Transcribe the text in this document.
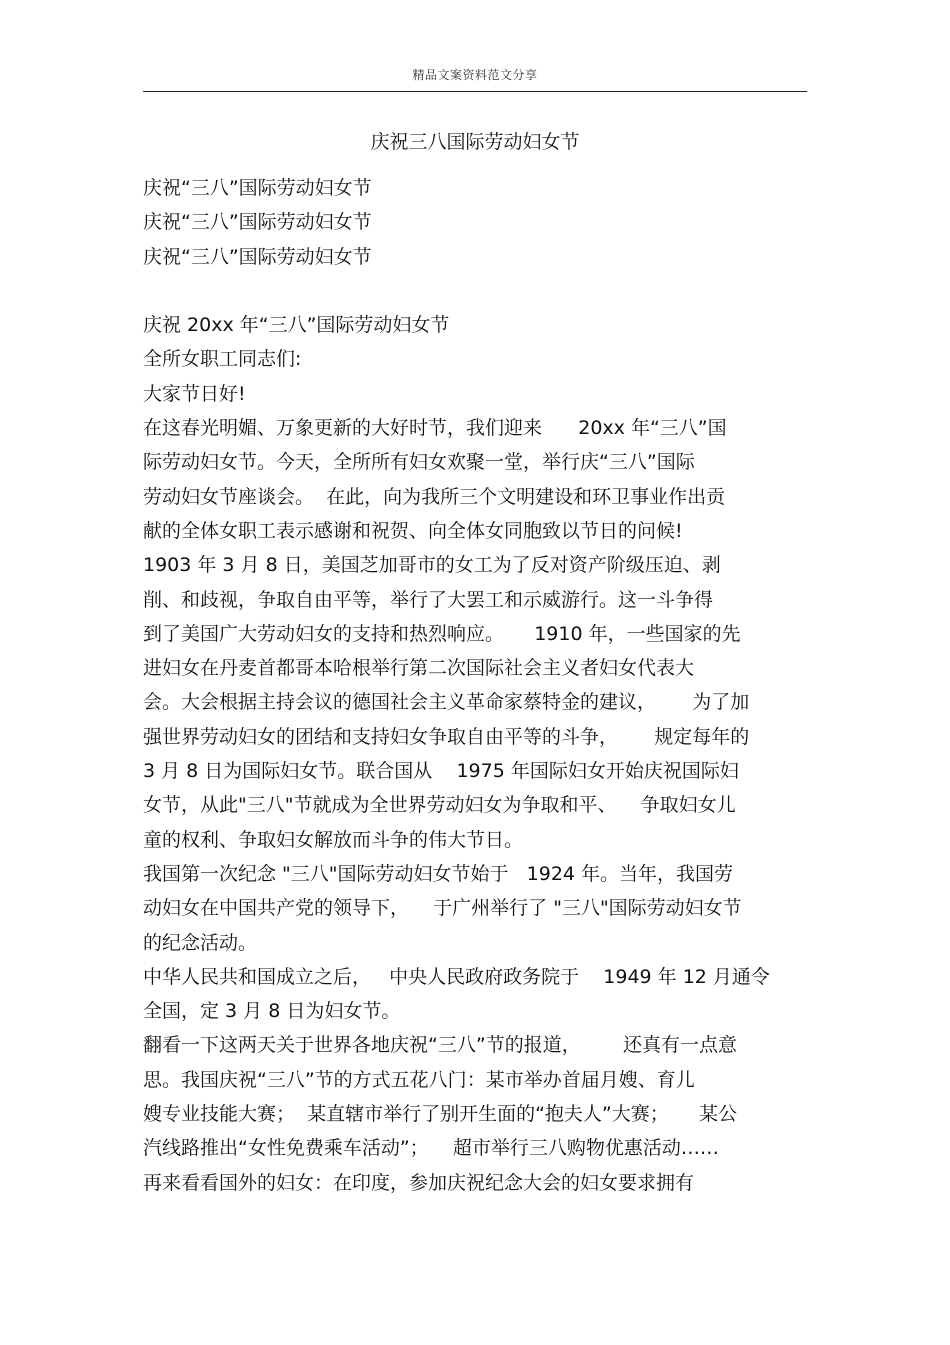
精品文案资料范文分享
庆祝三八国际劳动妇女节
庆祝“三八”国际劳动妇女节
庆祝“三八”国际劳动妇女节
庆祝“三八”国际劳动妇女节
庆祝 20xx 年“三八”国际劳动妇女节
全所女职工同志们:
大家节日好!
在这春光明媚、万象更新的大好时节，我们迎来      20xx 年“三八”国
际劳动妇女节。今天，全所所有妇女欢聚一堂，举行庆“三八”国际
劳动妇女节座谈会。  在此，向为我所三个文明建设和环卫事业作出贡
献的全体女职工表示感谢和祝贺、向全体女同胞致以节日的问候!
1903 年 3 月 8 日，美国芝加哥市的女工为了反对资产阶级压迫、剥
削、和歧视，争取自由平等，举行了大罢工和示威游行。这一斗争得
到了美国广大劳动妇女的支持和热烈响应。     1910 年，一些国家的先
进妇女在丹麦首都哥本哈根举行第二次国际社会主义者妇女代表大
会。大会根据主持会议的德国社会主义革命家蔡特金的建议，      为了加
强世界劳动妇女的团结和支持妇女争取自由平等的斗争，      规定每年的
3 月 8 日为国际妇女节。联合国从    1975 年国际妇女开始庆祝国际妇
女节，从此"三八"节就成为全世界劳动妇女为争取和平、    争取妇女儿
童的权利、争取妇女解放而斗争的伟大节日。
我国第一次纪念 "三八"国际劳动妇女节始于   1924 年。当年，我国劳
动妇女在中国共产党的领导下，    于广州举行了 "三八"国际劳动妇女节
的纪念活动。
中华人民共和国成立之后，   中央人民政府政务院于    1949 年 12 月通令
全国，定 3 月 8 日为妇女节。
翻看一下这两天关于世界各地庆祝“三八”节的报道，       还真有一点意
思。我国庆祝“三八”节的方式五花八门：某市举办首届月嫂、育儿
嫂专业技能大赛；  某直辖市举行了别开生面的“抱夫人”大赛；     某公
汽线路推出“女性免费乘车活动”；    超市举行三八购物优惠活动……
再来看看国外的妇女：在印度，参加庆祝纪念大会的妇女要求拥有
